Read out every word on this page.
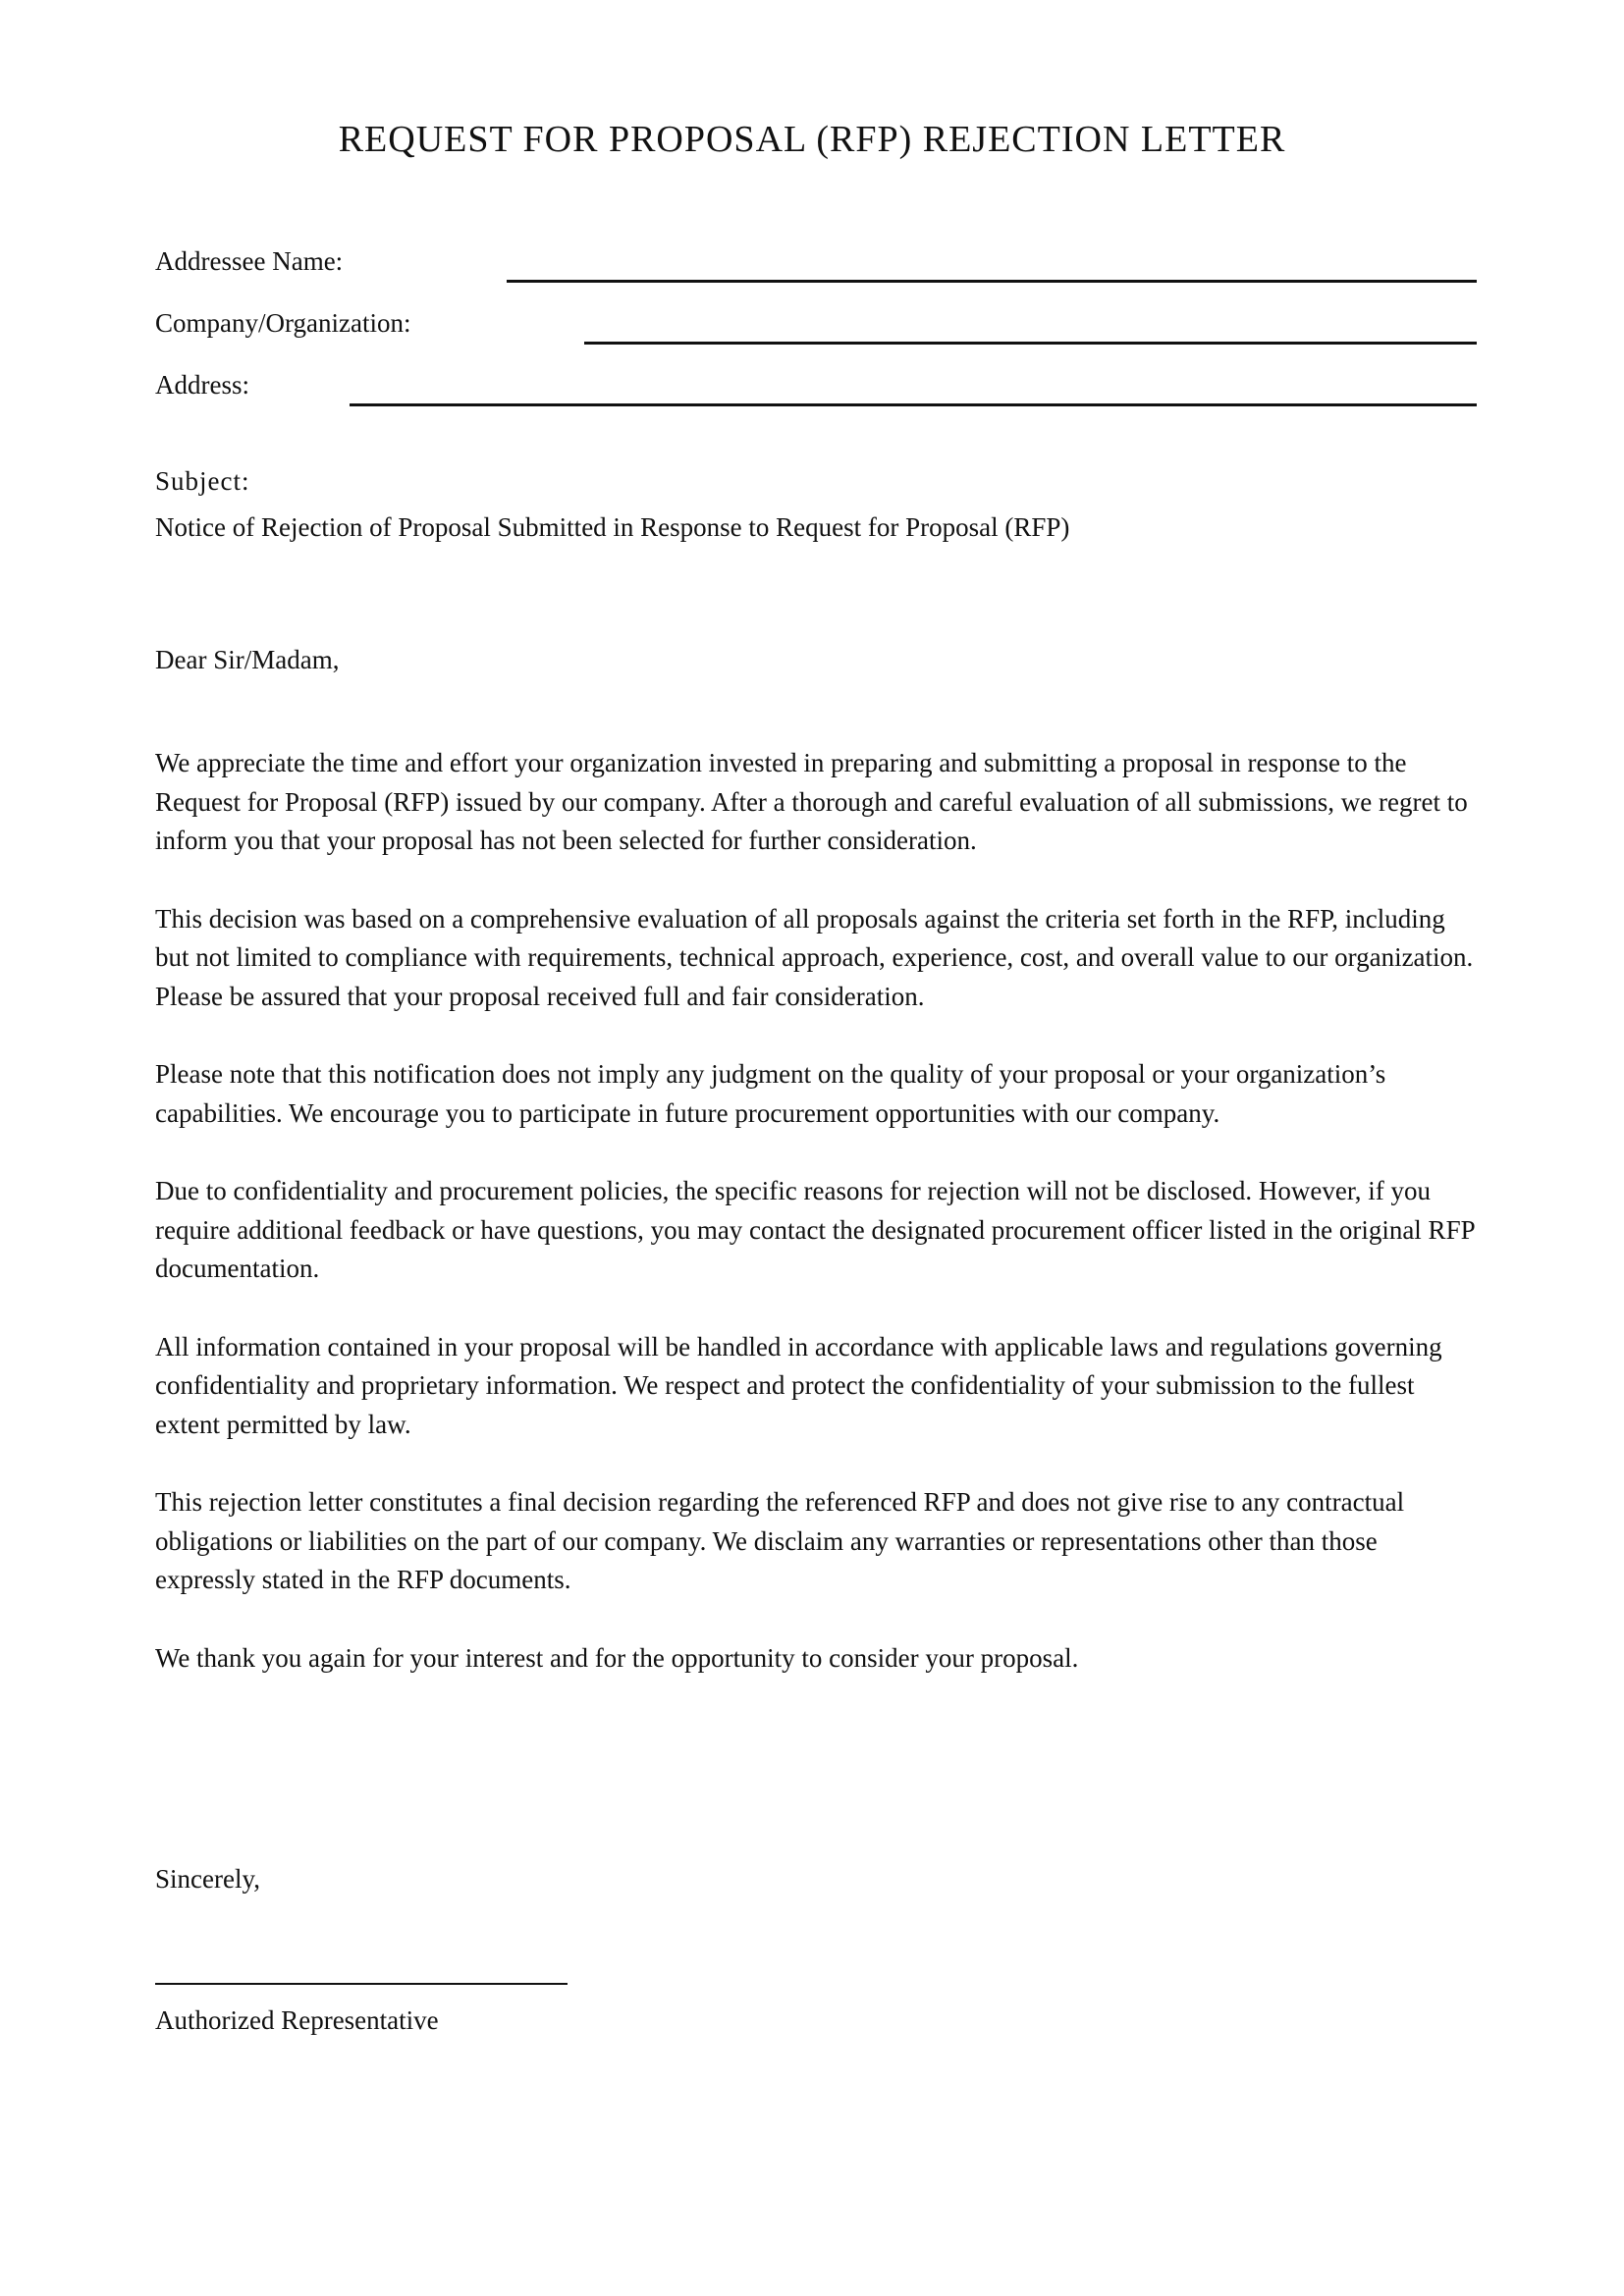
REQUEST FOR PROPOSAL (RFP) REJECTION LETTER
Addressee Name:
Company/Organization:
Address:
Subject:
Notice of Rejection of Proposal Submitted in Response to Request for Proposal (RFP)
Dear Sir/Madam,

We appreciate the time and effort your organization invested in preparing and submitting a proposal in response to the Request for Proposal (RFP) issued by our company. After a thorough and careful evaluation of all submissions, we regret to inform you that your proposal has not been selected for further consideration.

This decision was based on a comprehensive evaluation of all proposals against the criteria set forth in the RFP, including but not limited to compliance with requirements, technical approach, experience, cost, and overall value to our organization. Please be assured that your proposal received full and fair consideration.

Please note that this notification does not imply any judgment on the quality of your proposal or your organization’s capabilities. We encourage you to participate in future procurement opportunities with our company.

Due to confidentiality and procurement policies, the specific reasons for rejection will not be disclosed. However, if you require additional feedback or have questions, you may contact the designated procurement officer listed in the original RFP documentation.

All information contained in your proposal will be handled in accordance with applicable laws and regulations governing confidentiality and proprietary information. We respect and protect the confidentiality of your submission to the fullest extent permitted by law.

This rejection letter constitutes a final decision regarding the referenced RFP and does not give rise to any contractual obligations or liabilities on the part of our company. We disclaim any warranties or representations other than those expressly stated in the RFP documents.

We thank you again for your interest and for the opportunity to consider your proposal.

Sincerely,
Authorized Representative
